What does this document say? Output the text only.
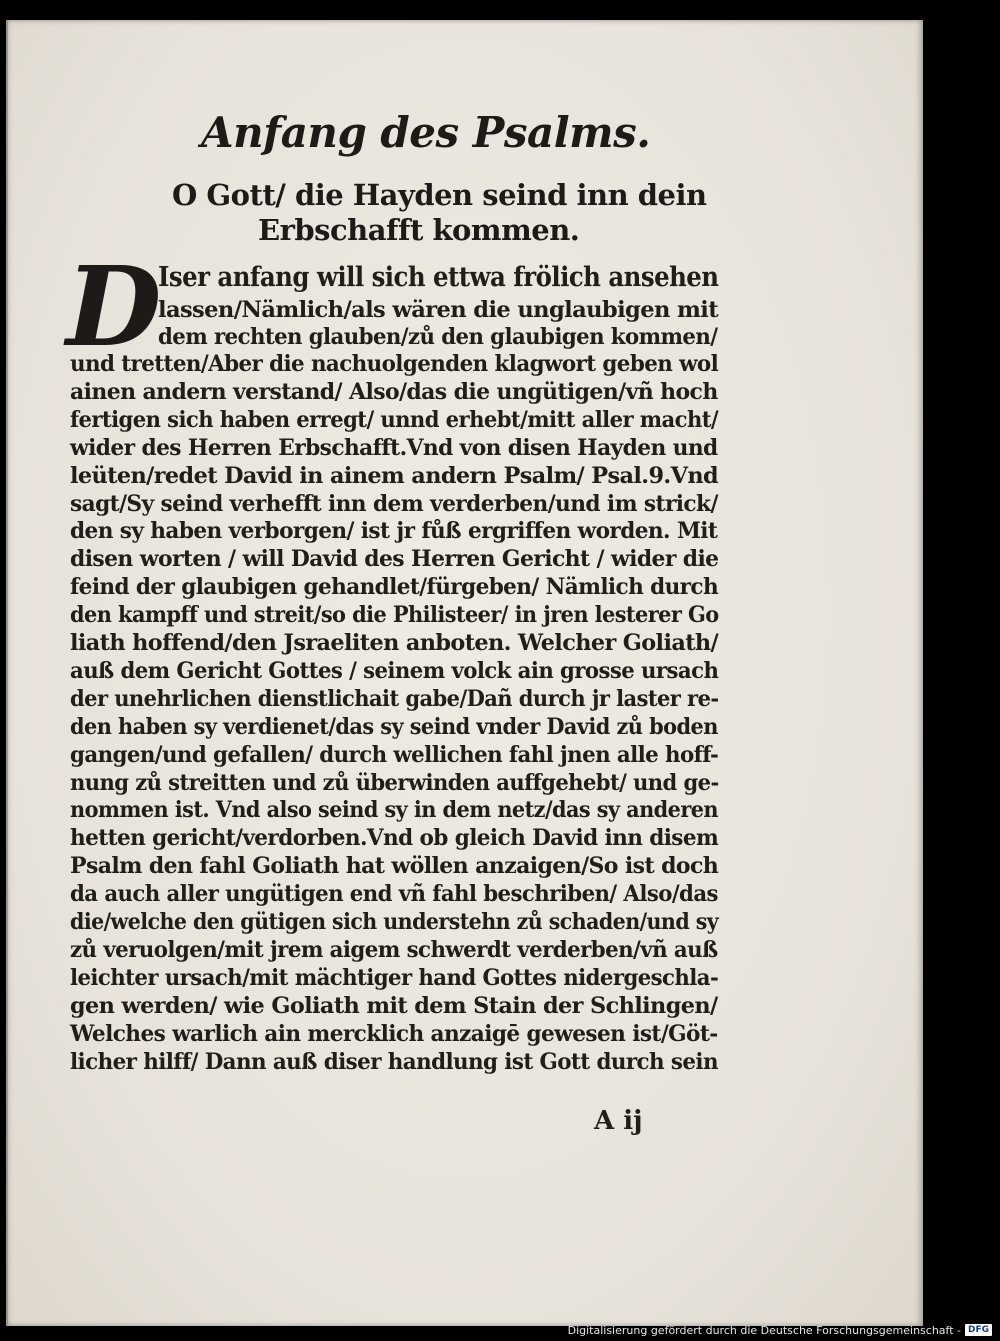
Anfang des Psalms.
O Gott/ die Hayden seind inn dein
Erbschafft kommen.
D
Iser anfang will sich ettwa frölich ansehen
lassen/Nämlich/als wären die unglaubigen mit
dem rechten glauben/zů den glaubigen kommen/
und tretten/Aber die nachuolgenden klagwort geben wol
ainen andern verstand/ Also/das die ungütigen/vñ hoch
fertigen sich haben erregt/ unnd erhebt/mitt aller macht/
wider des Herren Erbschafft.Vnd von disen Hayden und
leüten/redet David in ainem andern Psalm/ Psal.9.Vnd
sagt/Sy seind verhefft inn dem verderben/und im strick/
den sy haben verborgen/ ist jr fůß ergriffen worden. Mit
disen worten / will David des Herren Gericht / wider die
feind der glaubigen gehandlet/fürgeben/ Nämlich durch
den kampff und streit/so die Philisteer/ in jren lesterer Go
liath hoffend/den Jsraeliten anboten. Welcher Goliath/
auß dem Gericht Gottes / seinem volck ain grosse ursach
der unehrlichen dienstlichait gabe/Dañ durch jr laster re-
den haben sy verdienet/das sy seind vnder David zů boden
gangen/und gefallen/ durch wellichen fahl jnen alle hoff-
nung zů streitten und zů überwinden auffgehebt/ und ge-
nommen ist. Vnd also seind sy in dem netz/das sy anderen
hetten gericht/verdorben.Vnd ob gleich David inn disem
Psalm den fahl Goliath hat wöllen anzaigen/So ist doch
da auch aller ungütigen end vñ fahl beschriben/ Also/das
die/welche den gütigen sich understehn zů schaden/und sy
zů veruolgen/mit jrem aigem schwerdt verderben/vñ auß
leichter ursach/mit mächtiger hand Gottes nidergeschla-
gen werden/ wie Goliath mit dem Stain der Schlingen/
Welches warlich ain mercklich anzaigē gewesen ist/Göt-
licher hilff/ Dann auß diser handlung ist Gott durch sein
A ij
Digitalisierung gefördert durch die Deutsche Forschungsgemeinschaft - DFG
